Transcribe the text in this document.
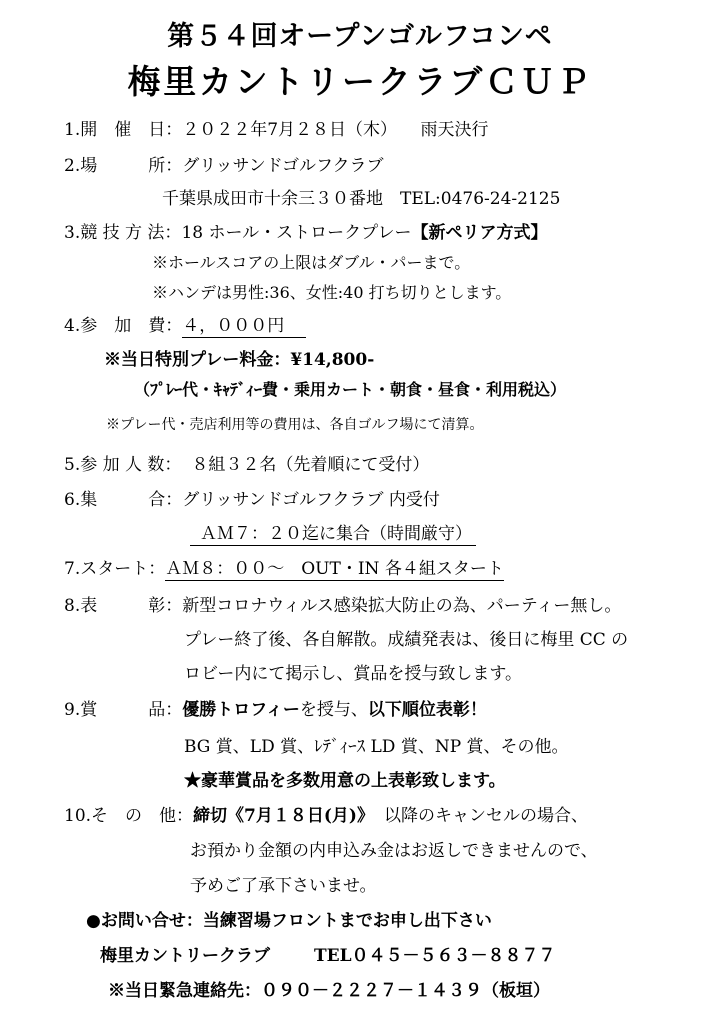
第５４回オープンゴルフコンペ
梅里カントリークラブＣＵＰ
1.開　催　日：２０２２年7月２８日（木） 雨天決行
2.場　　　所：グリッサンドゴルフクラブ
千葉県成田市十余三３０番地　TEL:0476-24-2125
3.競 技 方 法：18 ホール・ストロークプレー【新ペリア方式】
※ホールスコアの上限はダブル・パーまで。
※ハンデは男性:36、女性:40 打ち切りとします。
4.参　加　費：４，０００円
※当日特別プレー料金：¥14,800-
（ﾌﾟﾚｰ代・ｷｬﾃﾞｨｰ費・乗用カート・朝食・昼食・利用税込）
※プレー代・売店利用等の費用は、各自ゴルフ場にて清算。
5.参 加 人 数： ８組３２名（先着順にて受付）
6.集　　　合：グリッサンドゴルフクラブ 内受付
ＡＭ７：２０迄に集合（時間厳守）
7.スタート：ＡＭ８：００～　OUT・IN 各４組スタート
8.表　　　彰：新型コロナウィルス感染拡大防止の為、パーティー無し。
プレー終了後、各自解散。成績発表は、後日に梅里 CC の
ロビー内にて掲示し、賞品を授与致します。
9.賞　　　品：優勝トロフィーを授与、以下順位表彰！
BG 賞、LD 賞、ﾚﾃﾞｨｰｽ LD 賞、NP 賞、その他。
★豪華賞品を多数用意の上表彰致します。
10.そ　の　他：締切《7月１８日(月)》 以降のキャンセルの場合、
お預かり金額の内申込み金はお返しできませんので、
予めご了承下さいませ。
●お問い合せ：当練習場フロントまでお申し出下さい
梅里カントリークラブ	TEL０４５－５６３－８８７７
※当日緊急連絡先：０９０－２２２７－１４３９（板垣）
